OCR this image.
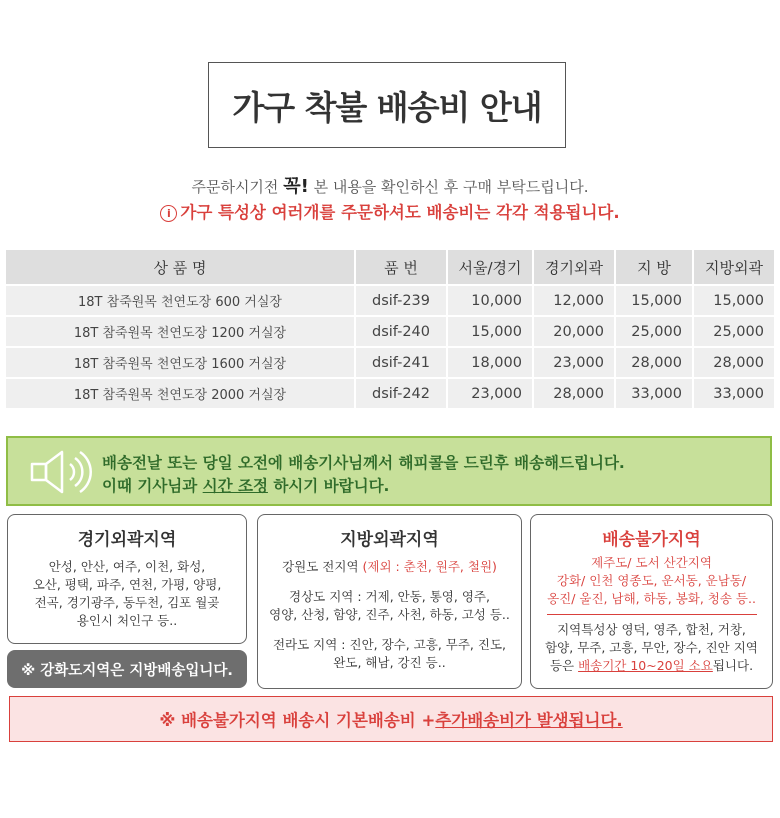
가구 착불 배송비 안내
주문하시기전 꼭! 본 내용을 확인하신 후 구매 부탁드립니다.
i 가구 특성상 여러개를 주문하셔도 배송비는 각각 적용됩니다.
상 품 명	품 번	서울/경기	경기외곽	지 방	지방외곽
18T 참죽원목 천연도장 600 거실장	dsif-239	10,000	12,000	15,000	15,000
18T 참죽원목 천연도장 1200 거실장	dsif-240	15,000	20,000	25,000	25,000
18T 참죽원목 천연도장 1600 거실장	dsif-241	18,000	23,000	28,000	28,000
18T 참죽원목 천연도장 2000 거실장	dsif-242	23,000	28,000	33,000	33,000
배송전날 또는 당일 오전에 배송기사님께서 해피콜을 드린후 배송해드립니다.
이때 기사님과 시간 조정 하시기 바랍니다.
경기외곽지역
안성, 안산, 여주, 이천, 화성,
오산, 평택, 파주, 연천, 가평, 양평,
전곡, 경기광주, 동두천, 김포 월곶
용인시 처인구 등..
※ 강화도지역은 지방배송입니다.
지방외곽지역

강원도 전지역 (제외 : 춘천, 원주, 철원)

경상도 지역 : 거제, 안동, 통영, 영주,

영양, 산청, 함양, 진주, 사천, 하동, 고성 등..

전라도 지역 : 진안, 장수, 고흥, 무주, 진도,

완도, 해남, 강진 등..

배송불가지역

제주도/ 도서 산간지역

강화/ 인천 영종도, 운서동, 운남동/

옹진/ 울진, 남해, 하동, 봉화, 청송 등..

지역특성상 영덕, 영주, 합천, 거창,

함양, 무주, 고흥, 무안, 장수, 진안 지역

등은 배송기간 10~20일 소요됩니다.

※ 배송불가지역 배송시 기본배송비 + 추가배송비가 발생됩니다.
